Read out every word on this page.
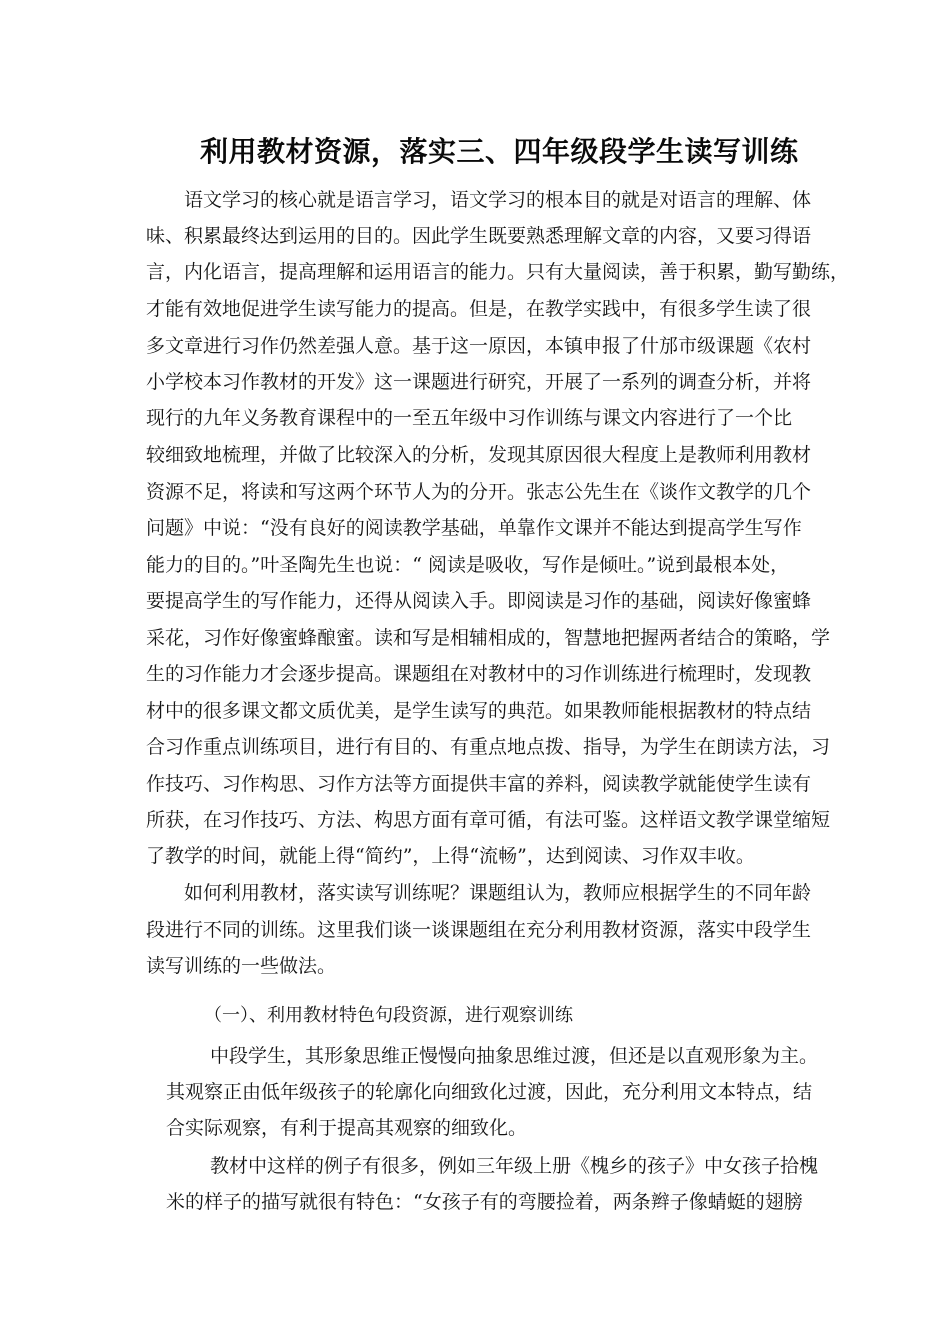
利用教材资源，落实三、四年级段学生读写训练
语文学习的核心就是语言学习，语文学习的根本目的就是对语言的理解、体
味、积累最终达到运用的目的。因此学生既要熟悉理解文章的内容，又要习得语
言，内化语言，提高理解和运用语言的能力。只有大量阅读，善于积累，勤写勤练，
才能有效地促进学生读写能力的提高。但是，在教学实践中，有很多学生读了很
多文章进行习作仍然差强人意。基于这一原因，本镇申报了什邡市级课题《农村
小学校本习作教材的开发》这一课题进行研究，开展了一系列的调查分析，并将
现行的九年义务教育课程中的一至五年级中习作训练与课文内容进行了一个比
较细致地梳理，并做了比较深入的分析，发现其原因很大程度上是教师利用教材
资源不足，将读和写这两个环节人为的分开。张志公先生在《谈作文教学的几个
问题》中说：“没有良好的阅读教学基础，单靠作文课并不能达到提高学生写作
能力的目的。”叶圣陶先生也说：“ 阅读是吸收，写作是倾吐。”说到最根本处，
要提高学生的写作能力，还得从阅读入手。即阅读是习作的基础，阅读好像蜜蜂
采花，习作好像蜜蜂酿蜜。读和写是相辅相成的，智慧地把握两者结合的策略，学
生的习作能力才会逐步提高。课题组在对教材中的习作训练进行梳理时，发现教
材中的很多课文都文质优美，是学生读写的典范。如果教师能根据教材的特点结
合习作重点训练项目，进行有目的、有重点地点拨、指导，为学生在朗读方法，习
作技巧、习作构思、习作方法等方面提供丰富的养料，阅读教学就能使学生读有
所获，在习作技巧、方法、构思方面有章可循，有法可鉴。这样语文教学课堂缩短
了教学的时间，就能上得“简约”，上得“流畅”，达到阅读、习作双丰收。
如何利用教材，落实读写训练呢？课题组认为，教师应根据学生的不同年龄
段进行不同的训练。这里我们谈一谈课题组在充分利用教材资源，落实中段学生
读写训练的一些做法。
（一）、利用教材特色句段资源，进行观察训练
中段学生，其形象思维正慢慢向抽象思维过渡，但还是以直观形象为主。
其观察正由低年级孩子的轮廓化向细致化过渡，因此，充分利用文本特点，结
合实际观察，有利于提高其观察的细致化。
教材中这样的例子有很多，例如三年级上册《槐乡的孩子》中女孩子拾槐
米的样子的描写就很有特色：“女孩子有的弯腰捡着，两条辫子像蜻蜓的翅膀
